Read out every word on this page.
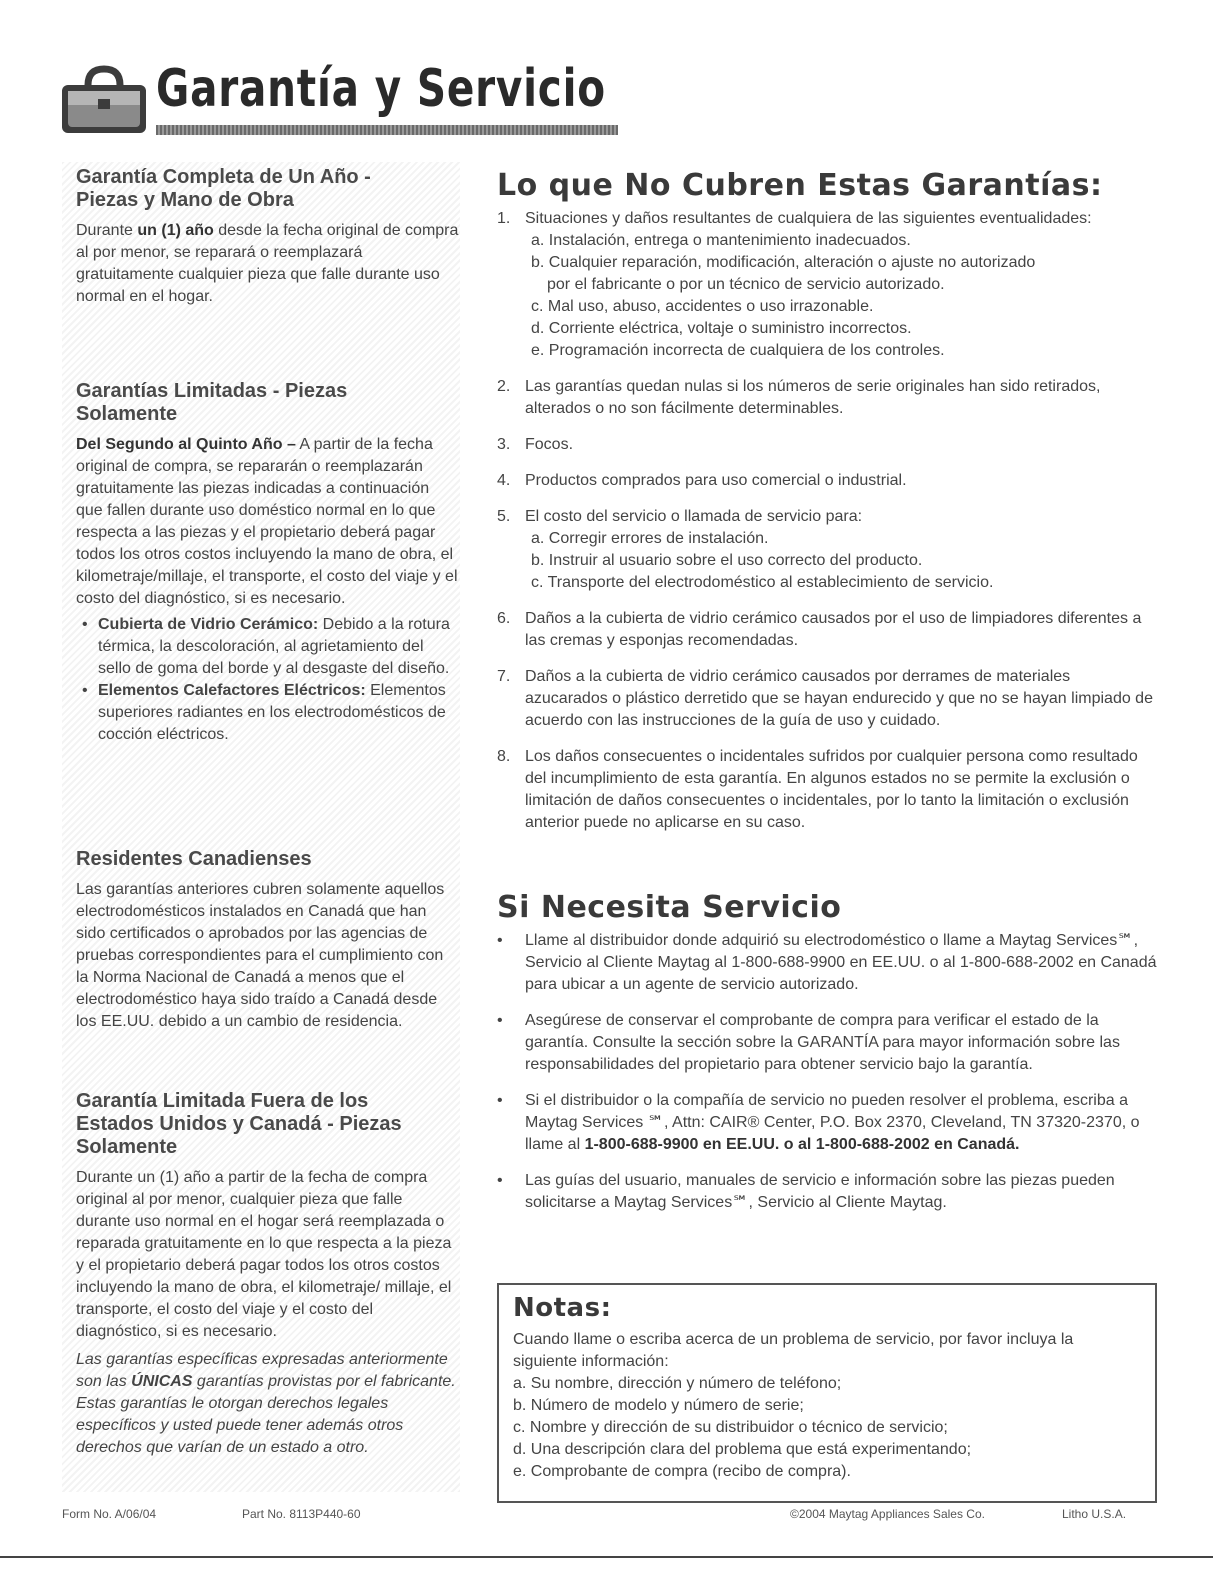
Garantía y Servicio
Garantía Completa de Un Año -
Piezas y Mano de Obra

Durante un (1) año desde la fecha original de compra al por menor, se reparará o reemplazará gratuitamente cualquier pieza que falle durante uso normal en el hogar.

Garantías Limitadas - Piezas
Solamente

Del Segundo al Quinto Año – A partir de la fecha original de compra, se repararán o reemplazarán gratuitamente las piezas indicadas a continuación que fallen durante uso doméstico normal en lo que respecta a las piezas y el propietario deberá pagar todos los otros costos incluyendo la mano de obra, el kilometraje/millaje, el transporte, el costo del viaje y el costo del diagnóstico, si es necesario.

• Cubierta de Vidrio Cerámico: Debido a la rotura térmica, la descoloración, al agrietamiento del sello de goma del borde y al desgaste del diseño.
• Elementos Calefactores Eléctricos: Elementos superiores radiantes en los electrodomésticos de cocción eléctricos.
Residentes Canadienses

Las garantías anteriores cubren solamente aquellos electrodomésticos instalados en Canadá que han sido certificados o aprobados por las agencias de pruebas correspondientes para el cumplimiento con la Norma Nacional de Canadá a menos que el electrodoméstico haya sido traído a Canadá desde los EE.UU. debido a un cambio de residencia.

Garantía Limitada Fuera de los
Estados Unidos y Canadá - Piezas
Solamente

Durante un (1) año a partir de la fecha de compra original al por menor, cualquier pieza que falle durante uso normal en el hogar será reemplazada o reparada gratuitamente en lo que respecta a la pieza y el propietario deberá pagar todos los otros costos incluyendo la mano de obra, el kilometraje/ millaje, el transporte, el costo del viaje y el costo del diagnóstico, si es necesario.

Las garantías específicas expresadas anteriormente son las ÚNICAS garantías provistas por el fabricante. Estas garantías le otorgan derechos legales específicos y usted puede tener además otros derechos que varían de un estado a otro.

Lo que No Cubren Estas Garantías:
1. Situaciones y daños resultantes de cualquiera de las siguientes eventualidades:
a. Instalación, entrega o mantenimiento inadecuados.
b. Cualquier reparación, modificación, alteración o ajuste no autorizado
por el fabricante o por un técnico de servicio autorizado.
c. Mal uso, abuso, accidentes o uso irrazonable.
d. Corriente eléctrica, voltaje o suministro incorrectos.
e. Programación incorrecta de cualquiera de los controles.
2. Las garantías quedan nulas si los números de serie originales han sido retirados, alterados o no son fácilmente determinables.
3. Focos.
4. Productos comprados para uso comercial o industrial.
5. El costo del servicio o llamada de servicio para:
a. Corregir errores de instalación.
b. Instruir al usuario sobre el uso correcto del producto.
c. Transporte del electrodoméstico al establecimiento de servicio.
6. Daños a la cubierta de vidrio cerámico causados por el uso de limpiadores diferentes a las cremas y esponjas recomendadas.
7. Daños a la cubierta de vidrio cerámico causados por derrames de materiales azucarados o plástico derretido que se hayan endurecido y que no se hayan limpiado de acuerdo con las instrucciones de la guía de uso y cuidado.
8. Los daños consecuentes o incidentales sufridos por cualquier persona como resultado del incumplimiento de esta garantía. En algunos estados no se permite la exclusión o limitación de daños consecuentes o incidentales, por lo tanto la limitación o exclusión anterior puede no aplicarse en su caso.
Si Necesita Servicio
• Llame al distribuidor donde adquirió su electrodoméstico o llame a Maytag Services℠, Servicio al Cliente Maytag al 1-800-688-9900 en EE.UU. o al 1-800-688-2002 en Canadá para ubicar a un agente de servicio autorizado.
• Asegúrese de conservar el comprobante de compra para verificar el estado de la garantía. Consulte la sección sobre la GARANTÍA para mayor información sobre las responsabilidades del propietario para obtener servicio bajo la garantía.
• Si el distribuidor o la compañía de servicio no pueden resolver el problema, escriba a Maytag Services ℠, Attn: CAIR® Center, P.O. Box 2370, Cleveland, TN 37320-2370, o llame al 1-800-688-9900 en EE.UU. o al 1-800-688-2002 en Canadá.
• Las guías del usuario, manuales de servicio e información sobre las piezas pueden solicitarse a Maytag Services℠, Servicio al Cliente Maytag.
Notas:

Cuando llame o escriba acerca de un problema de servicio, por favor incluya la siguiente información:

a. Su nombre, dirección y número de teléfono;

b. Número de modelo y número de serie;

c. Nombre y dirección de su distribuidor o técnico de servicio;

d. Una descripción clara del problema que está experimentando;

e. Comprobante de compra (recibo de compra).

Form No. A/06/04	Part No. 8113P440-60	©2004 Maytag Appliances Sales Co.	Litho U.S.A.
